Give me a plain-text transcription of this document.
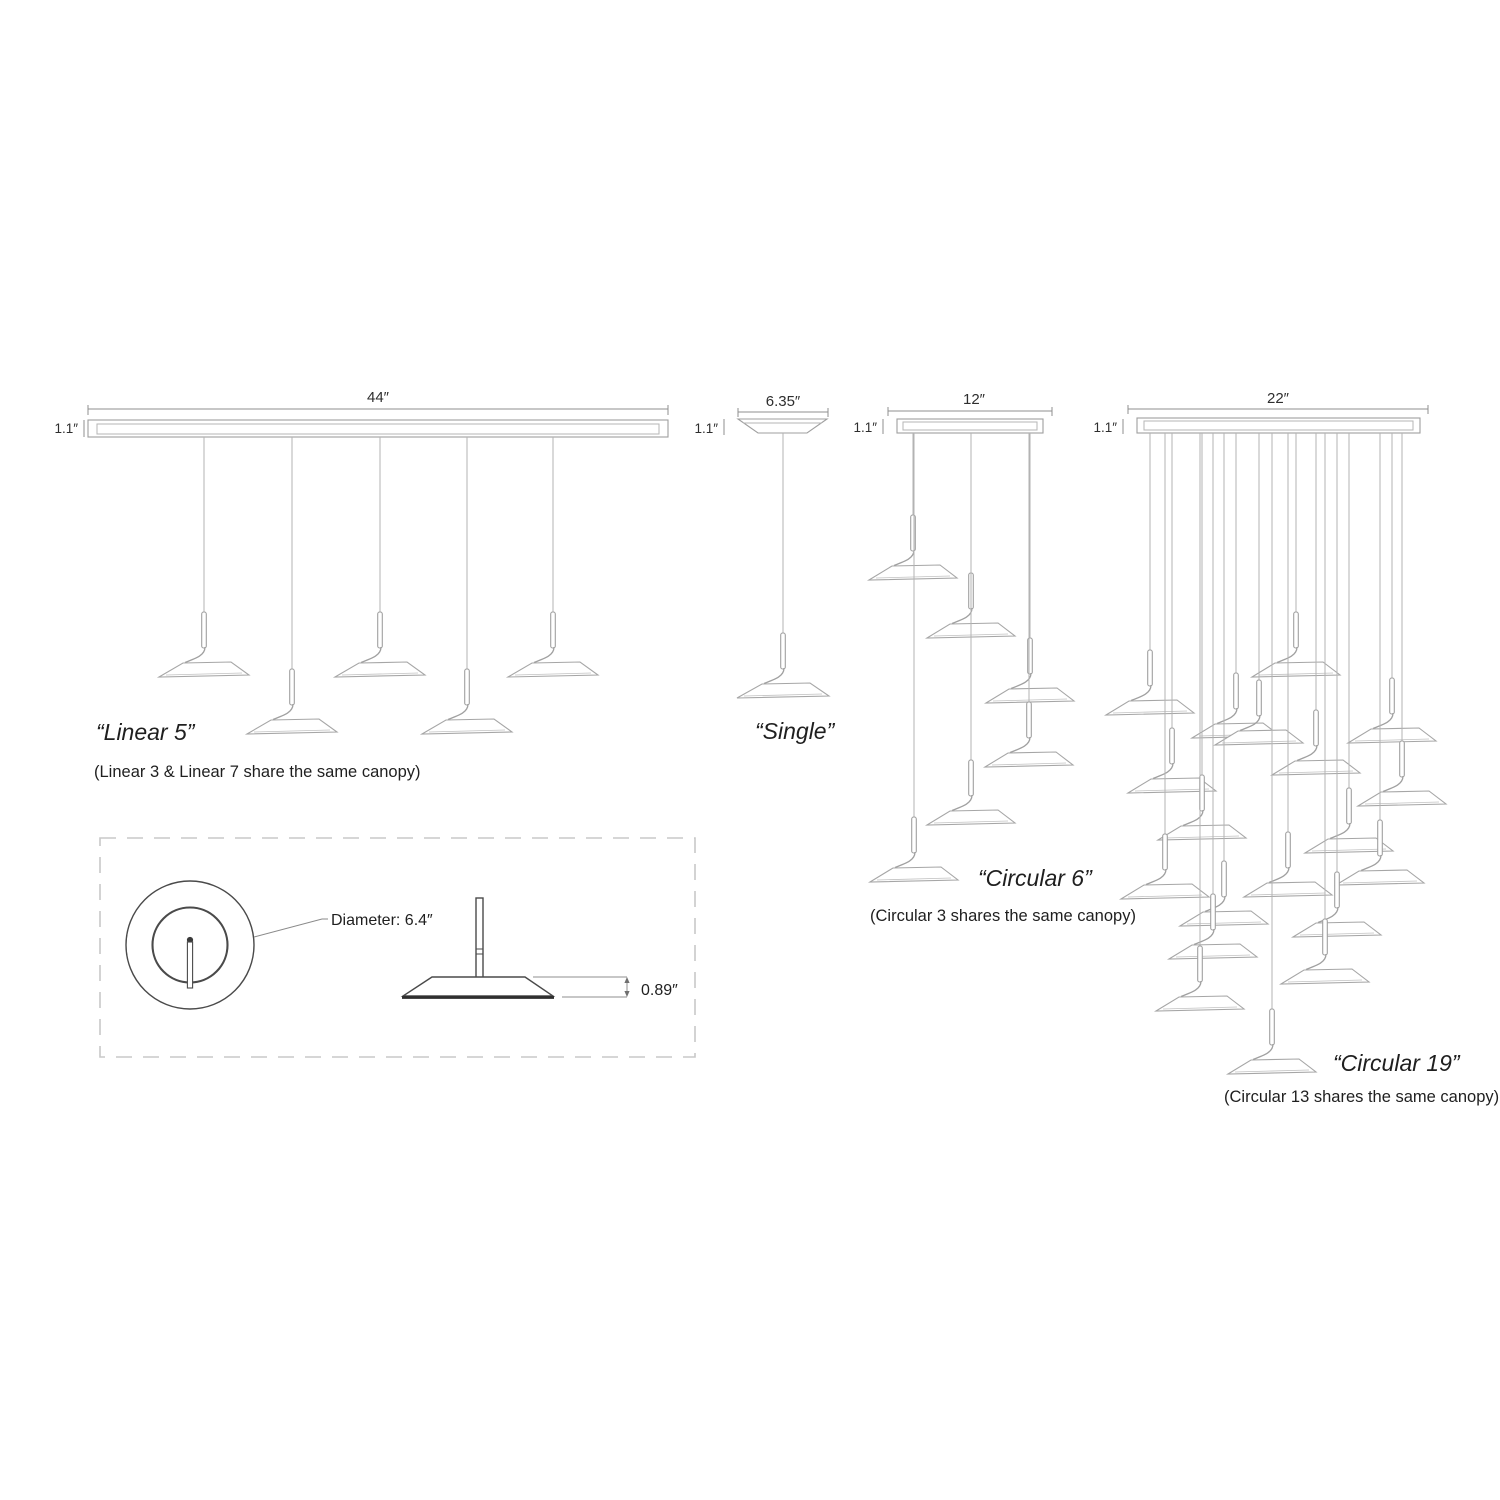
44″
1.1″
“Linear 5”
(Linear 3 & Linear 7 share the same canopy)
6.35″
1.1″
“Single”
12″
1.1″
“Circular 6”
(Circular 3 shares the same canopy)
22″
1.1″
“Circular 19”
(Circular 13 shares the same canopy)
Diameter: 6.4″
0.89″
